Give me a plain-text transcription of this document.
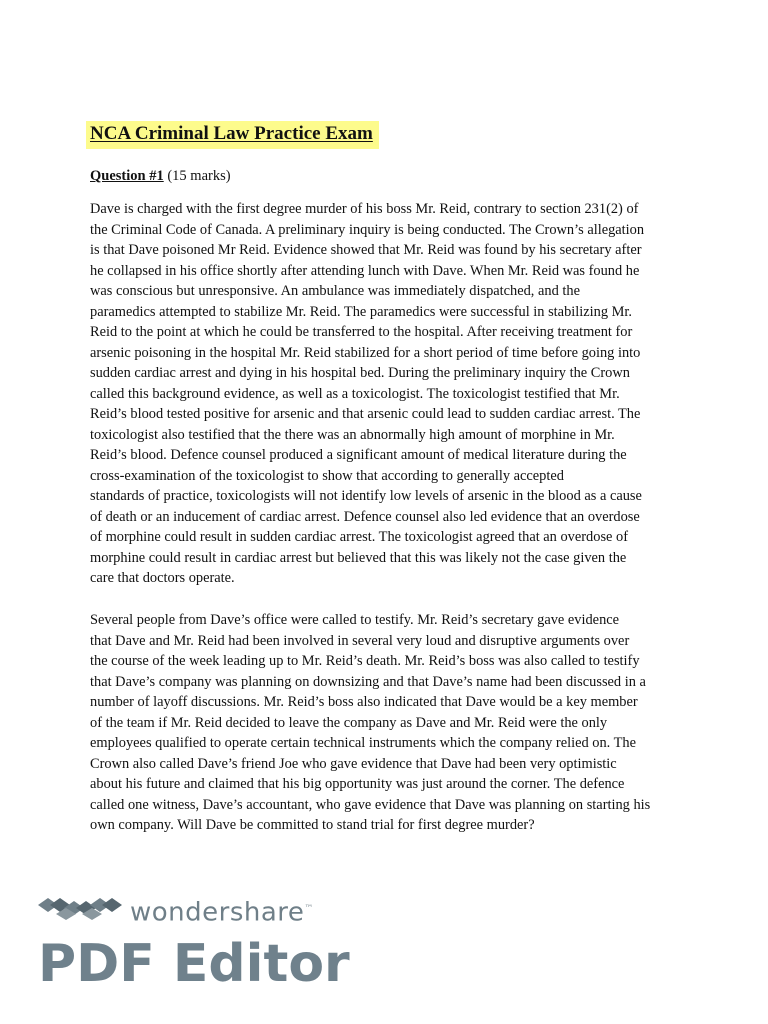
NCA Criminal Law Practice Exam
Question #1 (15 marks)
Dave is charged with the first degree murder of his boss Mr. Reid, contrary to section 231(2) of
the Criminal Code of Canada. A preliminary inquiry is being conducted. The Crown’s allegation
is that Dave poisoned Mr Reid. Evidence showed that Mr. Reid was found by his secretary after
he collapsed in his office shortly after attending lunch with Dave. When Mr. Reid was found he
was conscious but unresponsive. An ambulance was immediately dispatched, and the
paramedics attempted to stabilize Mr. Reid. The paramedics were successful in stabilizing Mr.
Reid to the point at which he could be transferred to the hospital. After receiving treatment for
arsenic poisoning in the hospital Mr. Reid stabilized for a short period of time before going into
sudden cardiac arrest and dying in his hospital bed. During the preliminary inquiry the Crown
called this background evidence, as well as a toxicologist. The toxicologist testified that Mr.
Reid’s blood tested positive for arsenic and that arsenic could lead to sudden cardiac arrest. The
toxicologist also testified that the there was an abnormally high amount of morphine in Mr.
Reid’s blood. Defence counsel produced a significant amount of medical literature during the
cross-examination of the toxicologist to show that according to generally accepted
standards of practice, toxicologists will not identify low levels of arsenic in the blood as a cause
of death or an inducement of cardiac arrest. Defence counsel also led evidence that an overdose
of morphine could result in sudden cardiac arrest. The toxicologist agreed that an overdose of
morphine could result in cardiac arrest but believed that this was likely not the case given the
care that doctors operate.
Several people from Dave’s office were called to testify. Mr. Reid’s secretary gave evidence
that Dave and Mr. Reid had been involved in several very loud and disruptive arguments over
the course of the week leading up to Mr. Reid’s death. Mr. Reid’s boss was also called to testify
that Dave’s company was planning on downsizing and that Dave’s name had been discussed in a
number of layoff discussions. Mr. Reid’s boss also indicated that Dave would be a key member
of the team if Mr. Reid decided to leave the company as Dave and Mr. Reid were the only
employees qualified to operate certain technical instruments which the company relied on. The
Crown also called Dave’s friend Joe who gave evidence that Dave had been very optimistic
about his future and claimed that his big opportunity was just around the corner. The defence
called one witness, Dave’s accountant, who gave evidence that Dave was planning on starting his
own company. Will Dave be committed to stand trial for first degree murder?
wondershare™
PDF Editor
